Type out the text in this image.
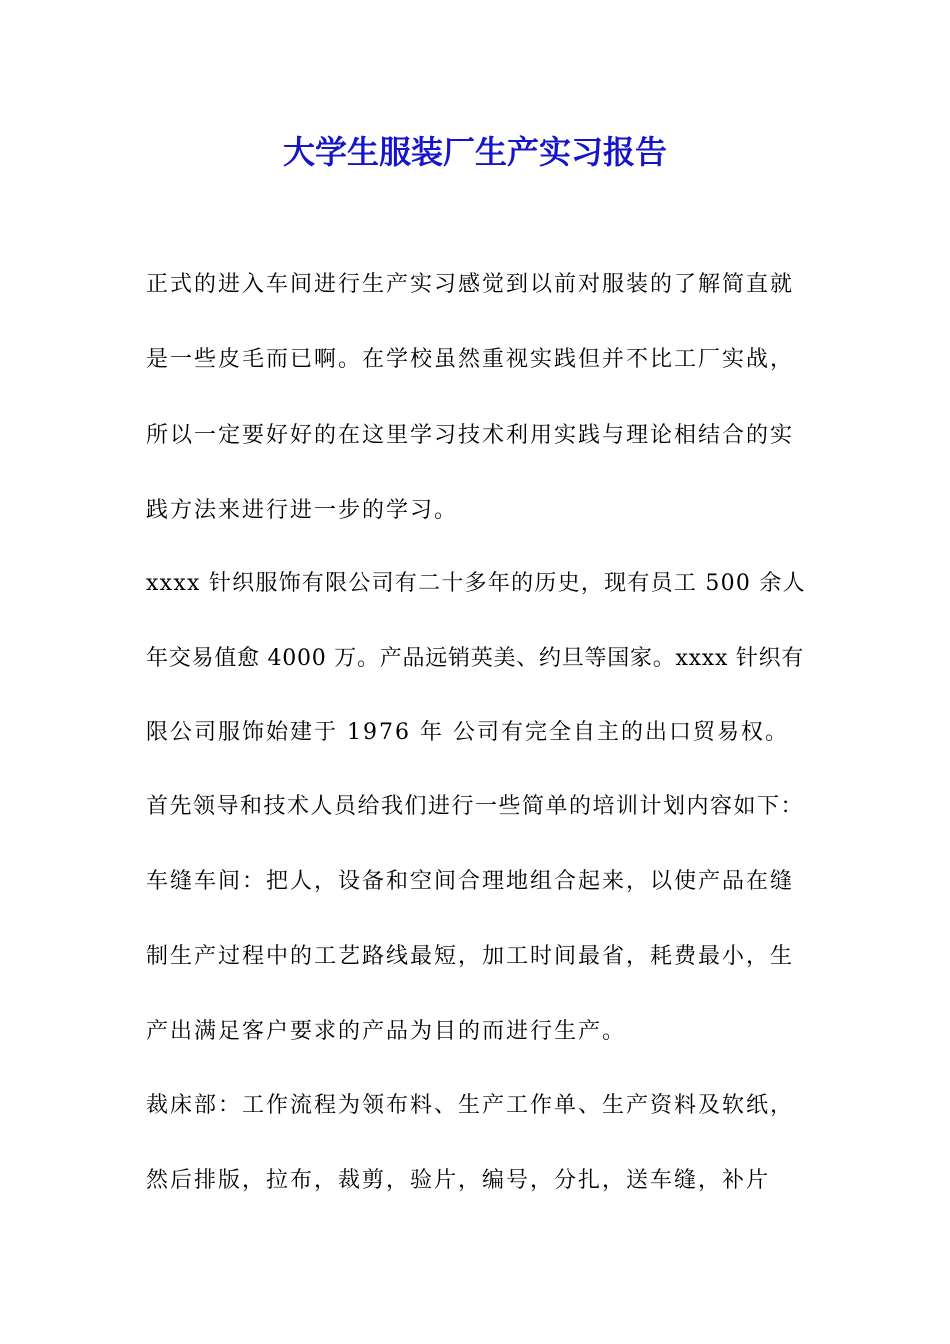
大学生服装厂生产实习报告
正式的进入车间进行生产实习感觉到以前对服装的了解简直就
是一些皮毛而已啊。在学校虽然重视实践但并不比工厂实战，
所以一定要好好的在这里学习技术利用实践与理论相结合的实
践方法来进行进一步的学习。
xxxx 针织服饰有限公司有二十多年的历史，现有员工 500 余人
年交易值愈 4000 万。产品远销英美、约旦等国家。xxxx 针织有
限公司服饰始建于 1976 年 公司有完全自主的出口贸易权。
首先领导和技术人员给我们进行一些简单的培训计划内容如下：
车缝车间：把人，设备和空间合理地组合起来，以使产品在缝
制生产过程中的工艺路线最短，加工时间最省，耗费最小，生
产出满足客户要求的产品为目的而进行生产。
裁床部：工作流程为领布料、生产工作单、生产资料及软纸，
然后排版，拉布，裁剪，验片，编号，分扎，送车缝，补片
